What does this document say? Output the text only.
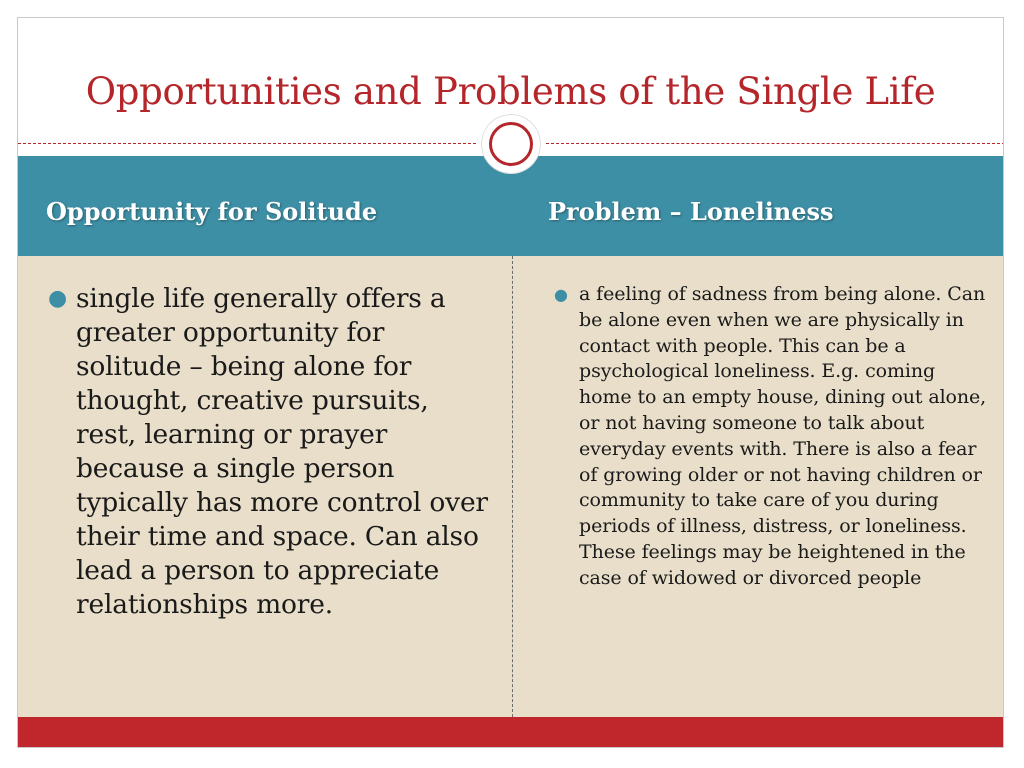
Opportunities and Problems of the Single Life
Opportunity for Solitude	Problem – Loneliness
● single life generally offers a greater opportunity for solitude – being alone for thought, creative pursuits, rest, learning or prayer because a single person typically has more control over their time and space. Can also lead a person to appreciate relationships more.
● a feeling of sadness from being alone. Can be alone even when we are physically in contact with people. This can be a psychological loneliness. E.g. coming home to an empty house, dining out alone, or not having someone to talk about everyday events with. There is also a fear of growing older or not having children or community to take care of you during periods of illness, distress, or loneliness. These feelings may be heightened in the case of widowed or divorced people
